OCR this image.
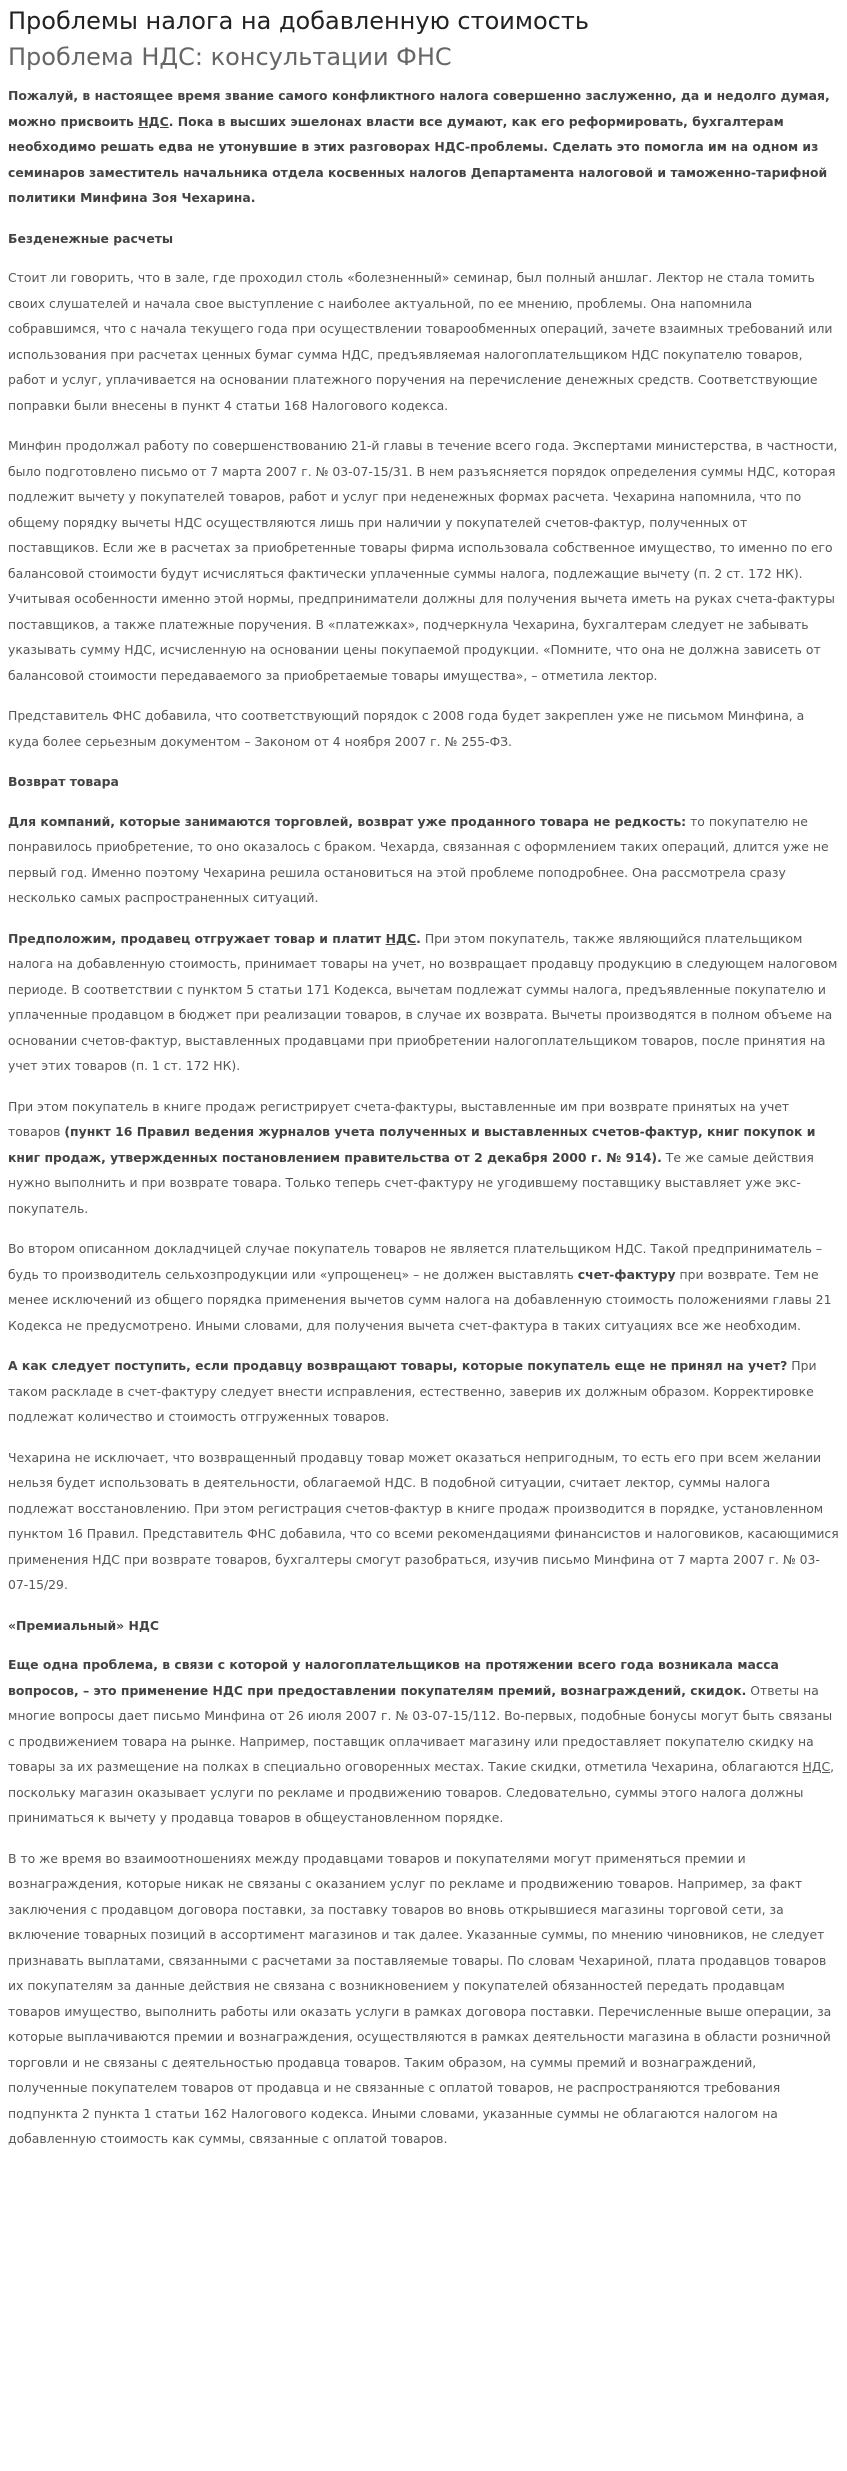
Проблемы налога на добавленную стоимость
Проблема НДС: консультации ФНС

Пожалуй, в настоящее время звание самого конфликтного налога совершенно заслуженно, да и недолго думая, можно присвоить НДС. Пока в высших эшелонах власти все думают, как его реформировать, бухгалтерам необходимо решать едва не утонувшие в этих разговорах НДС-проблемы. Сделать это помогла им на одном из семинаров заместитель начальника отдела косвенных налогов Департамента налоговой и таможенно-тарифной политики Минфина Зоя Чехарина.

Безденежные расчеты

Стоит ли говорить, что в зале, где проходил столь «болезненный» семинар, был полный аншлаг. Лектор не стала томить своих слушателей и начала свое выступление с наиболее актуальной, по ее мнению, проблемы. Она напомнила собравшимся, что с начала текущего года при осуществлении товарообменных операций, зачете взаимных требований или использования при расчетах ценных бумаг сумма НДС, предъявляемая налогоплательщиком НДС покупателю товаров, работ и услуг, уплачивается на основании платежного поручения на перечисление денежных средств. Соответствующие поправки были внесены в пункт 4 статьи 168 Налогового кодекса.

Минфин продолжал работу по совершенствованию 21-й главы в течение всего года. Экспертами министерства, в частности, было подготовлено письмо от 7 марта 2007 г. № 03-07-15/31. В нем разъясняется порядок определения суммы НДС, которая подлежит вычету у покупателей товаров, работ и услуг при неденежных формах расчета. Чехарина напомнила, что по общему порядку вычеты НДС осуществляются лишь при наличии у покупателей счетов-фактур, полученных от поставщиков. Если же в расчетах за приобретенные товары фирма использовала собственное имущество, то именно по его балансовой стоимости будут исчисляться фактически уплаченные суммы налога, подлежащие вычету (п. 2 ст. 172 НК). Учитывая особенности именно этой нормы, предприниматели должны для получения вычета иметь на руках счета-фактуры поставщиков, а также платежные поручения. В «платежках», подчеркнула Чехарина, бухгалтерам следует не забывать указывать сумму НДС, исчисленную на основании цены покупаемой продукции. «Помните, что она не должна зависеть от балансовой стоимости передаваемого за приобретаемые товары имущества», – отметила лектор.

Представитель ФНС добавила, что соответствующий порядок с 2008 года будет закреплен уже не письмом Минфина, а куда более серьезным документом – Законом от 4 ноября 2007 г. № 255-ФЗ.

Возврат товара

Для компаний, которые занимаются торговлей, возврат уже проданного товара не редкость: то покупателю не понравилось приобретение, то оно оказалось с браком. Чехарда, связанная с оформлением таких операций, длится уже не первый год. Именно поэтому Чехарина решила остановиться на этой проблеме поподробнее. Она рассмотрела сразу несколько самых распространенных ситуаций.

Предположим, продавец отгружает товар и платит НДС. При этом покупатель, также являющийся плательщиком налога на добавленную стоимость, принимает товары на учет, но возвращает продавцу продукцию в следующем налоговом периоде. В соответствии с пунктом 5 статьи 171 Кодекса, вычетам подлежат суммы налога, предъявленные покупателю и уплаченные продавцом в бюджет при реализации товаров, в случае их возврата. Вычеты производятся в полном объеме на основании счетов-фактур, выставленных продавцами при приобретении налогоплательщиком товаров, после принятия на учет этих товаров (п. 1 ст. 172 НК).

При этом покупатель в книге продаж регистрирует счета-фактуры, выставленные им при возврате принятых на учет товаров (пункт 16 Правил ведения журналов учета полученных и выставленных счетов-фактур, книг покупок и книг продаж, утвержденных постановлением правительства от 2 декабря 2000 г. № 914). Те же самые действия нужно выполнить и при возврате товара. Только теперь счет-фактуру не угодившему поставщику выставляет уже экс-покупатель.

Во втором описанном докладчицей случае покупатель товаров не является плательщиком НДС. Такой предприниматель – будь то производитель сельхозпродукции или «упрощенец» – не должен выставлять счет-фактуру при возврате. Тем не менее исключений из общего порядка применения вычетов сумм налога на добавленную стоимость положениями главы 21 Кодекса не предусмотрено. Иными словами, для получения вычета счет-фактура в таких ситуациях все же необходим.

А как следует поступить, если продавцу возвращают товары, которые покупатель еще не принял на учет? При таком раскладе в счет-фактуру следует внести исправления, естественно, заверив их должным образом. Корректировке подлежат количество и стоимость отгруженных товаров.

Чехарина не исключает, что возвращенный продавцу товар может оказаться непригодным, то есть его при всем желании нельзя будет использовать в деятельности, облагаемой НДС. В подобной ситуации, считает лектор, суммы налога подлежат восстановлению. При этом регистрация счетов-фактур в книге продаж производится в порядке, установленном пунктом 16 Правил. Представитель ФНС добавила, что со всеми рекомендациями финансистов и налоговиков, касающимися применения НДС при возврате товаров, бухгалтеры смогут разобраться, изучив письмо Минфина от 7 марта 2007 г. № 03-07-15/29.

«Премиальный» НДС

Еще одна проблема, в связи с которой у налогоплательщиков на протяжении всего года возникала масса вопросов, – это применение НДС при предоставлении покупателям премий, вознаграждений, скидок. Ответы на многие вопросы дает письмо Минфина от 26 июля 2007 г. № 03-07-15/112. Во-первых, подобные бонусы могут быть связаны с продвижением товара на рынке. Например, поставщик оплачивает магазину или предоставляет покупателю скидку на товары за их размещение на полках в специально оговоренных местах. Такие скидки, отметила Чехарина, облагаются НДС, поскольку магазин оказывает услуги по рекламе и продвижению товаров. Следовательно, суммы этого налога должны приниматься к вычету у продавца товаров в общеустановленном порядке.

В то же время во взаимоотношениях между продавцами товаров и покупателями могут применяться премии и вознаграждения, которые никак не связаны с оказанием услуг по рекламе и продвижению товаров. Например, за факт заключения с продавцом договора поставки, за поставку товаров во вновь открывшиеся магазины торговой сети, за включение товарных позиций в ассортимент магазинов и так далее. Указанные суммы, по мнению чиновников, не следует признавать выплатами, связанными с расчетами за поставляемые товары. По словам Чехариной, плата продавцов товаров их покупателям за данные действия не связана с возникновением у покупателей обязанностей передать продавцам товаров имущество, выполнить работы или оказать услуги в рамках договора поставки. Перечисленные выше операции, за которые выплачиваются премии и вознаграждения, осуществляются в рамках деятельности магазина в области розничной торговли и не связаны с деятельностью продавца товаров. Таким образом, на суммы премий и вознаграждений, полученные покупателем товаров от продавца и не связанные с оплатой товаров, не распространяются требования подпункта 2 пункта 1 статьи 162 Налогового кодекса. Иными словами, указанные суммы не облагаются налогом на добавленную стоимость как суммы, связанные с оплатой товаров.
